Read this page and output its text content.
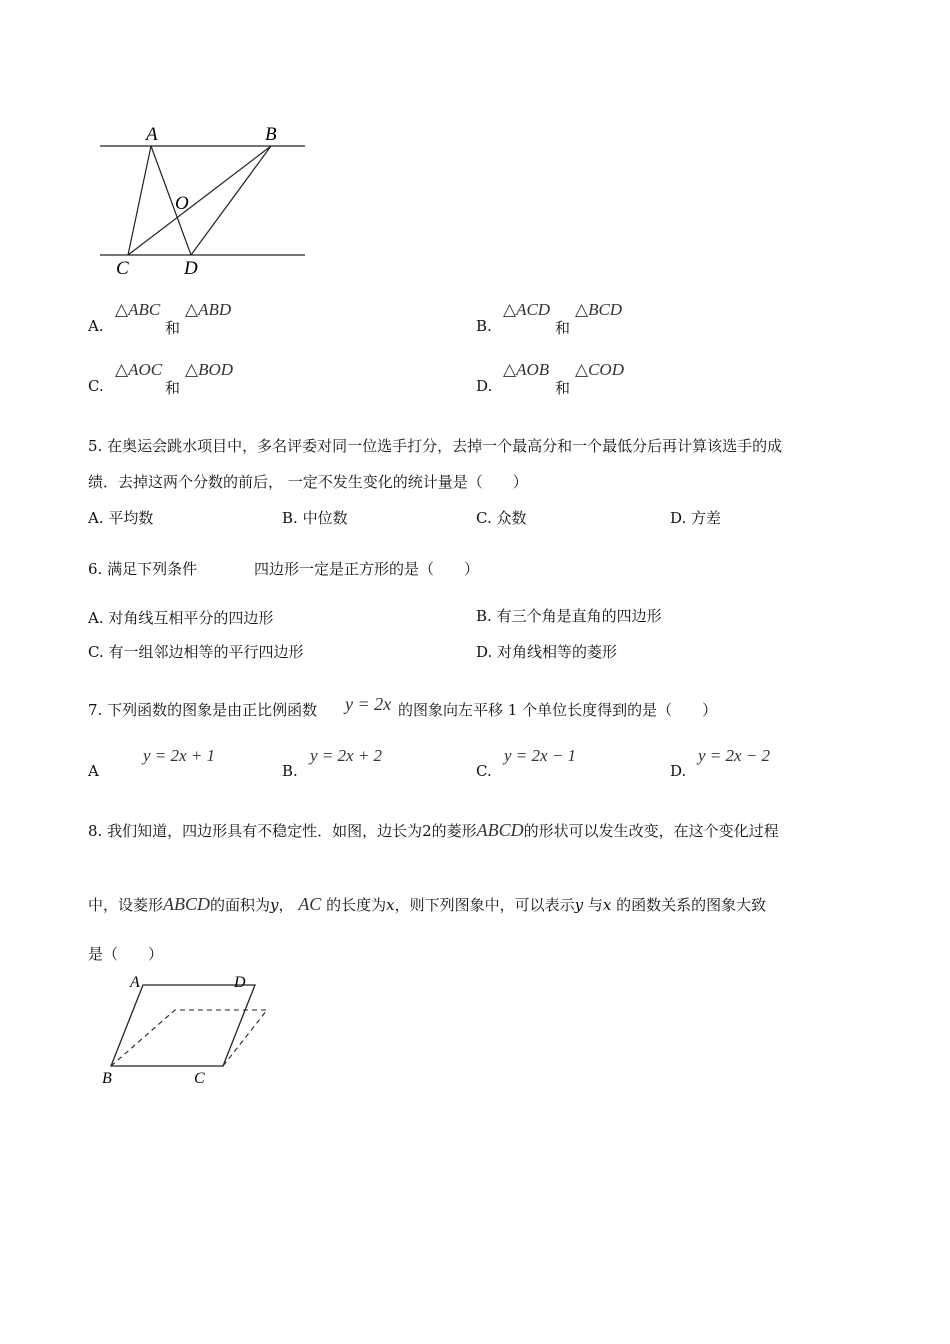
A	B
O
C	D
A.
△ABC
和
△ABD
B.
△ACD
和
△BCD
C.
△AOC
和
△BOD
D.
△AOB
和
△COD
5. 在奥运会跳水项目中，多名评委对同一位选手打分，去掉一个最高分和一个最低分后再计算该选手的成
绩．去掉这两个分数的前后， 一定不发生变化的统计量是（　　）
A. 平均数	B. 中位数	C. 众数	D. 方差
6. 满足下列条件	四边形一定是正方形的是（　　）
A. 对角线互相平分的四边形	B. 有三个角是直角的四边形
C. 有一组邻边相等的平行四边形	D. 对角线相等的菱形
7. 下列函数的图象是由正比例函数 y = 2x 的图象向左平移 1 个单位长度得到的是（　　）
A
y = 2x + 1
B.
y = 2x + 2
C.
y = 2x − 1
D.
y = 2x − 2
8. 我们知道，四边形具有不稳定性．如图，边长为2的菱形ABCD的形状可以发生改变，在这个变化过程
中，设菱形ABCD的面积为y， AC 的长度为x，则下列图象中，可以表示y 与x 的函数关系的图象大致
是（　　）
A	D
B	C
